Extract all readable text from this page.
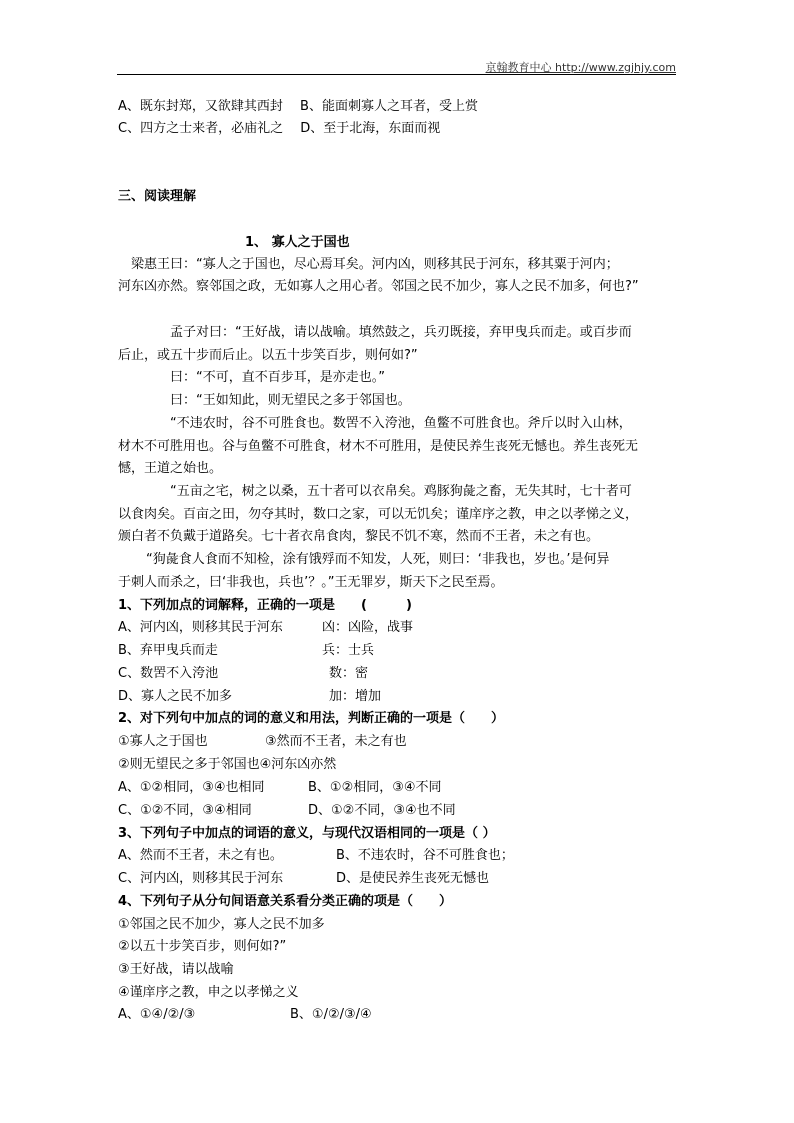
京翰教育中心 http://www.zgjhjy.com
A、既东封郑，又欲肆其西封　 B、能面刺寡人之耳者，受上赏
C、四方之士来者，必庙礼之　 D、至于北海，东面而视
三、阅读理解
1、 寡人之于国也
梁惠王曰：“寡人之于国也，尽心焉耳矣。河内凶，则移其民于河东，移其粟于河内；
河东凶亦然。察邻国之政，无如寡人之用心者。邻国之民不加少，寡人之民不加多，何也?”
孟子对曰：“王好战，请以战喻。填然鼓之，兵刃既接，弃甲曳兵而走。或百步而
后止，或五十步而后止。以五十步笑百步，则何如?”
曰：“不可，直不百步耳，是亦走也。”
曰：“王如知此，则无望民之多于邻国也。
“不违农时，谷不可胜食也。数罟不入洿池，鱼鳖不可胜食也。斧斤以时入山林，
材木不可胜用也。谷与鱼鳖不可胜食，材木不可胜用，是使民养生丧死无憾也。养生丧死无
憾，王道之始也。
“五亩之宅，树之以桑，五十者可以衣帛矣。鸡豚狗彘之畜，无失其时，七十者可
以食肉矣。百亩之田，勿夺其时，数口之家，可以无饥矣；谨庠序之教，申之以孝悌之义，
颁白者不负戴于道路矣。七十者衣帛食肉，黎民不饥不寒，然而不王者，未之有也。
“狗彘食人食而不知检，涂有饿殍而不知发，人死，则曰：‘非我也，岁也。’是何异
于刺人而杀之，曰‘非我也，兵也’？。”王无罪岁，斯天下之民至焉。
1、下列加点的词解释，正确的一项是　　(　　　)
A、河内凶，则移其民于河东	凶：凶险，战事
B、弃甲曳兵而走	兵：士兵
C、数罟不入洿池	数：密
D、寡人之民不加多	加：增加
2、对下列句中加点的词的意义和用法，判断正确的一项是（　　）
①寡人之于国也	③然而不王者，未之有也
②则无望民之多于邻国也④河东凶亦然
A、①②相同，③④也相同	B、①②相同，③④不同
C、①②不同，③④相同	D、①②不同，③④也不同
3、下列句子中加点的词语的意义，与现代汉语相同的一项是（ ）
A、然而不王者，未之有也。	B、不违农时，谷不可胜食也；
C、河内凶，则移其民于河东	D、是使民养生丧死无憾也
4、下列句子从分句间语意关系看分类正确的项是（　　）
①邻国之民不加少，寡人之民不加多
②以五十步笑百步，则何如?”
③王好战，请以战喻
④谨庠序之教，申之以孝悌之义
A、①④/②/③	B、①/②/③/④
